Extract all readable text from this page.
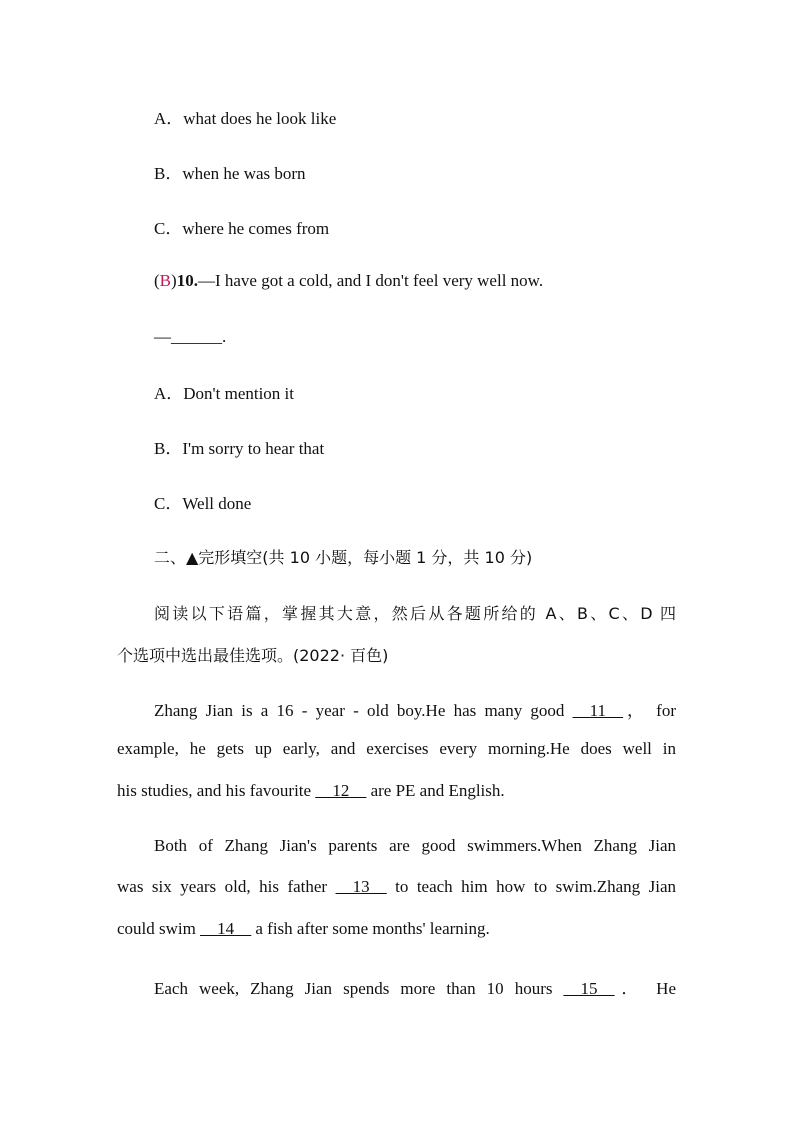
A．what does he look like
B．when he was born
C．where he comes from
(B)10.—I have got a cold, and I don't feel very well now.
—______.
A．Don't mention it
B．I'm sorry to hear that
C．Well done
二、▲完形填空(共 10 小题，每小题 1 分，共 10 分)
阅读以下语篇，掌握其大意，然后从各题所给的 A、B、C、D 四
个选项中选出最佳选项。(2022· 百色)
Zhang Jian is a 16 - year - old boy.He has many good __11__， for
example, he gets up early, and exercises every morning.He does well in
his studies, and his favourite __12__ are PE and English.
Both of Zhang Jian's parents are good swimmers.When Zhang Jian
was six years old, his father __13__ to teach him how to swim.Zhang Jian
could swim __14__ a fish after some months' learning.
Each week, Zhang Jian spends more than 10 hours __15__． He
